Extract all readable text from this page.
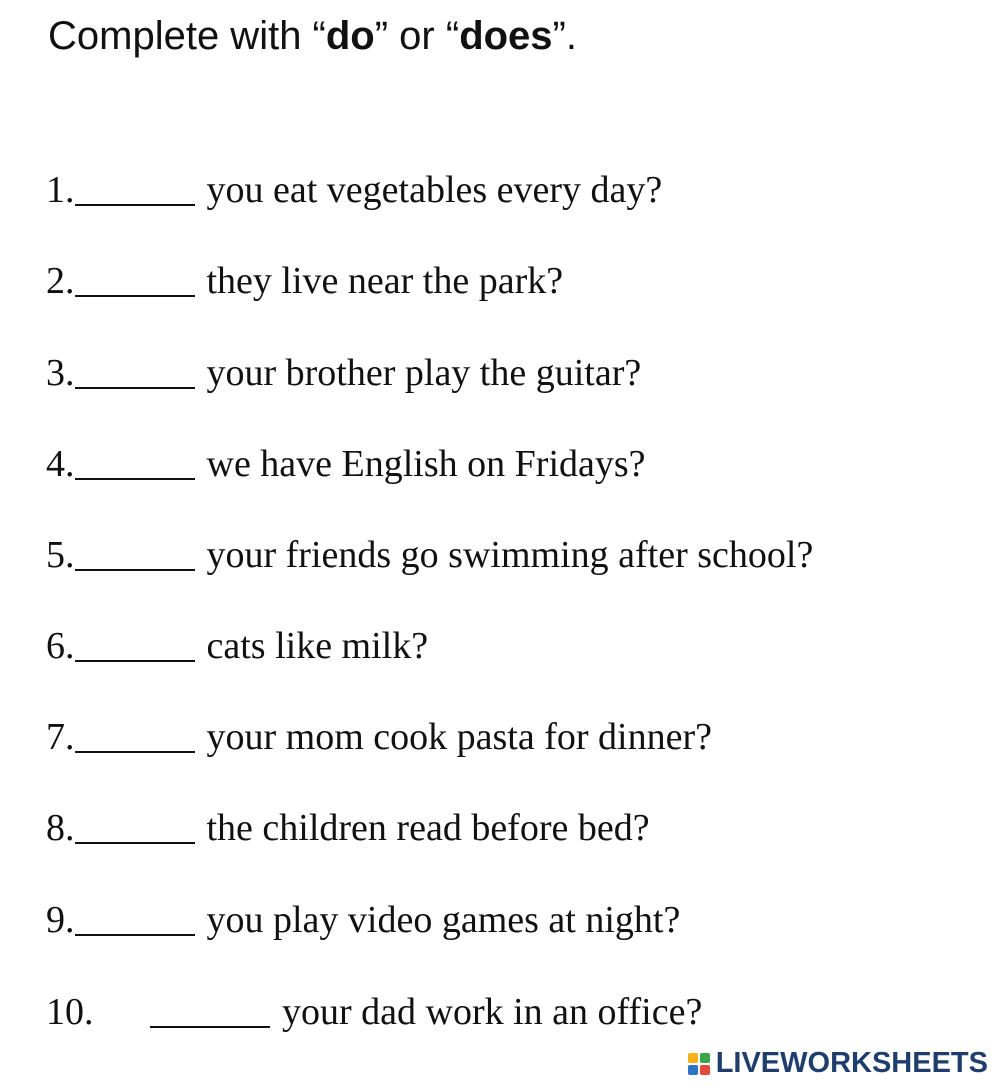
Complete with “do” or “does”.
1.	you eat vegetables every day?
2.	they live near the park?
3.	your brother play the guitar?
4.	we have English on Fridays?
5.	your friends go swimming after school?
6.	cats like milk?
7.	your mom cook pasta for dinner?
8.	the children read before bed?
9.	you play video games at night?
10.	your dad work in an office?
LIVEWORKSHEETS
